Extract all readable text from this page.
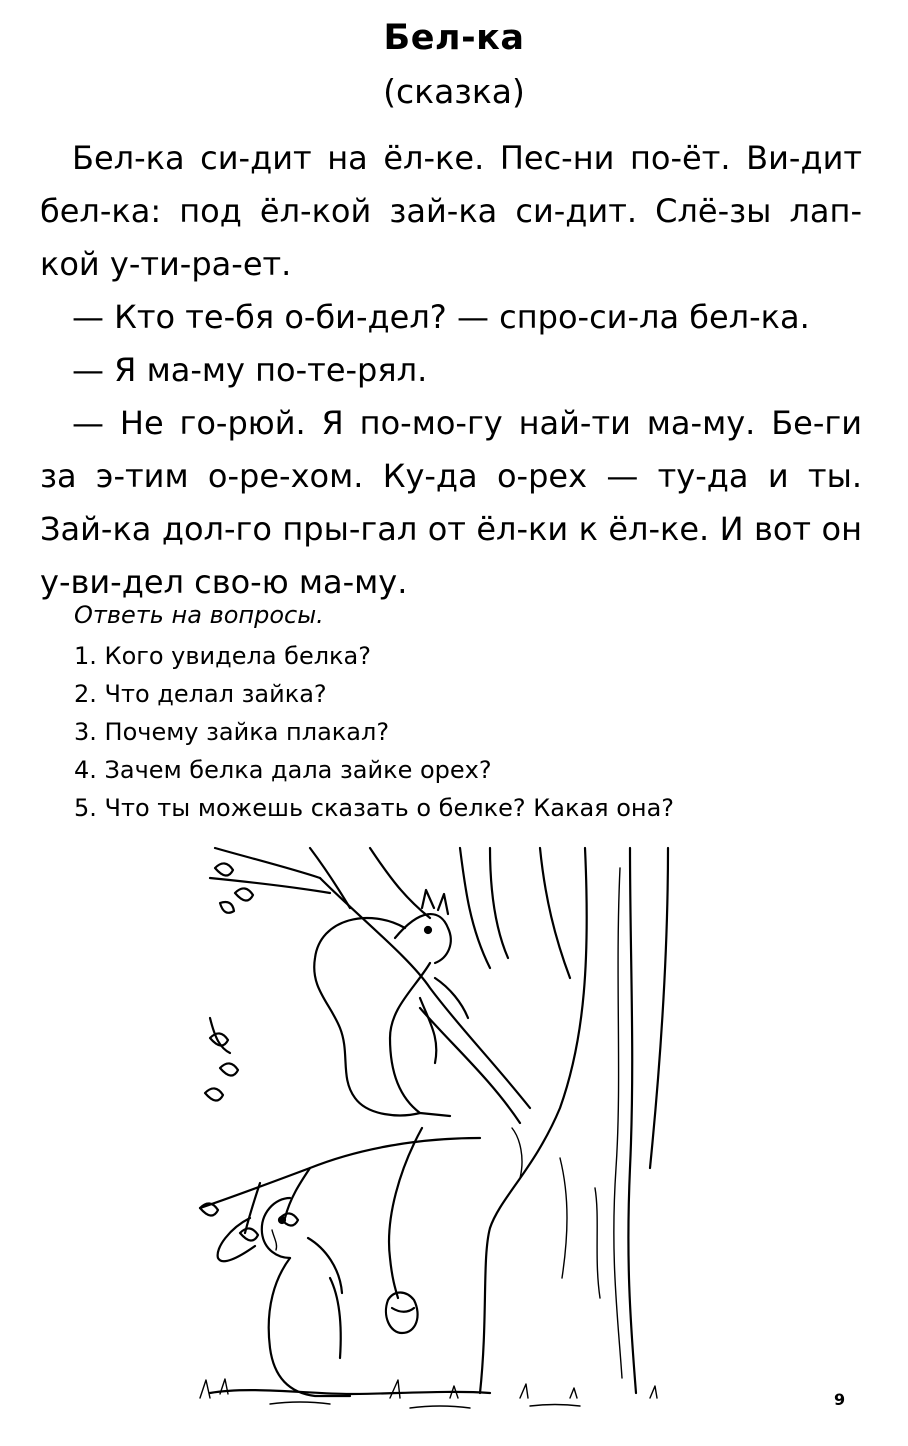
Бел-ка
(сказка)

Бел-ка си-дит на ёл-ке. Пес-ни по-ёт. Ви-дит бел-ка: под ёл-кой зай-ка си-дит. Слё-зы лап-кой у-ти-ра-ет.

— Кто те-бя о-би-дел? — спро-си-ла бел-ка.

— Я ма-му по-те-рял.

— Не го-рюй. Я по-мо-гу най-ти ма-му. Бе-ги за э-тим о-ре-хом. Ку-да о-рех — ту-да и ты. Зай-ка дол-го пры-гал от ёл-ки к ёл-ке. И вот он у-ви-дел сво-ю ма-му.

Ответь на вопросы.
1. Кого увидела белка?
2. Что делал зайка?
3. Почему зайка плакал?
4. Зачем белка дала зайке орех?
5. Что ты можешь сказать о белке? Какая она?
9
